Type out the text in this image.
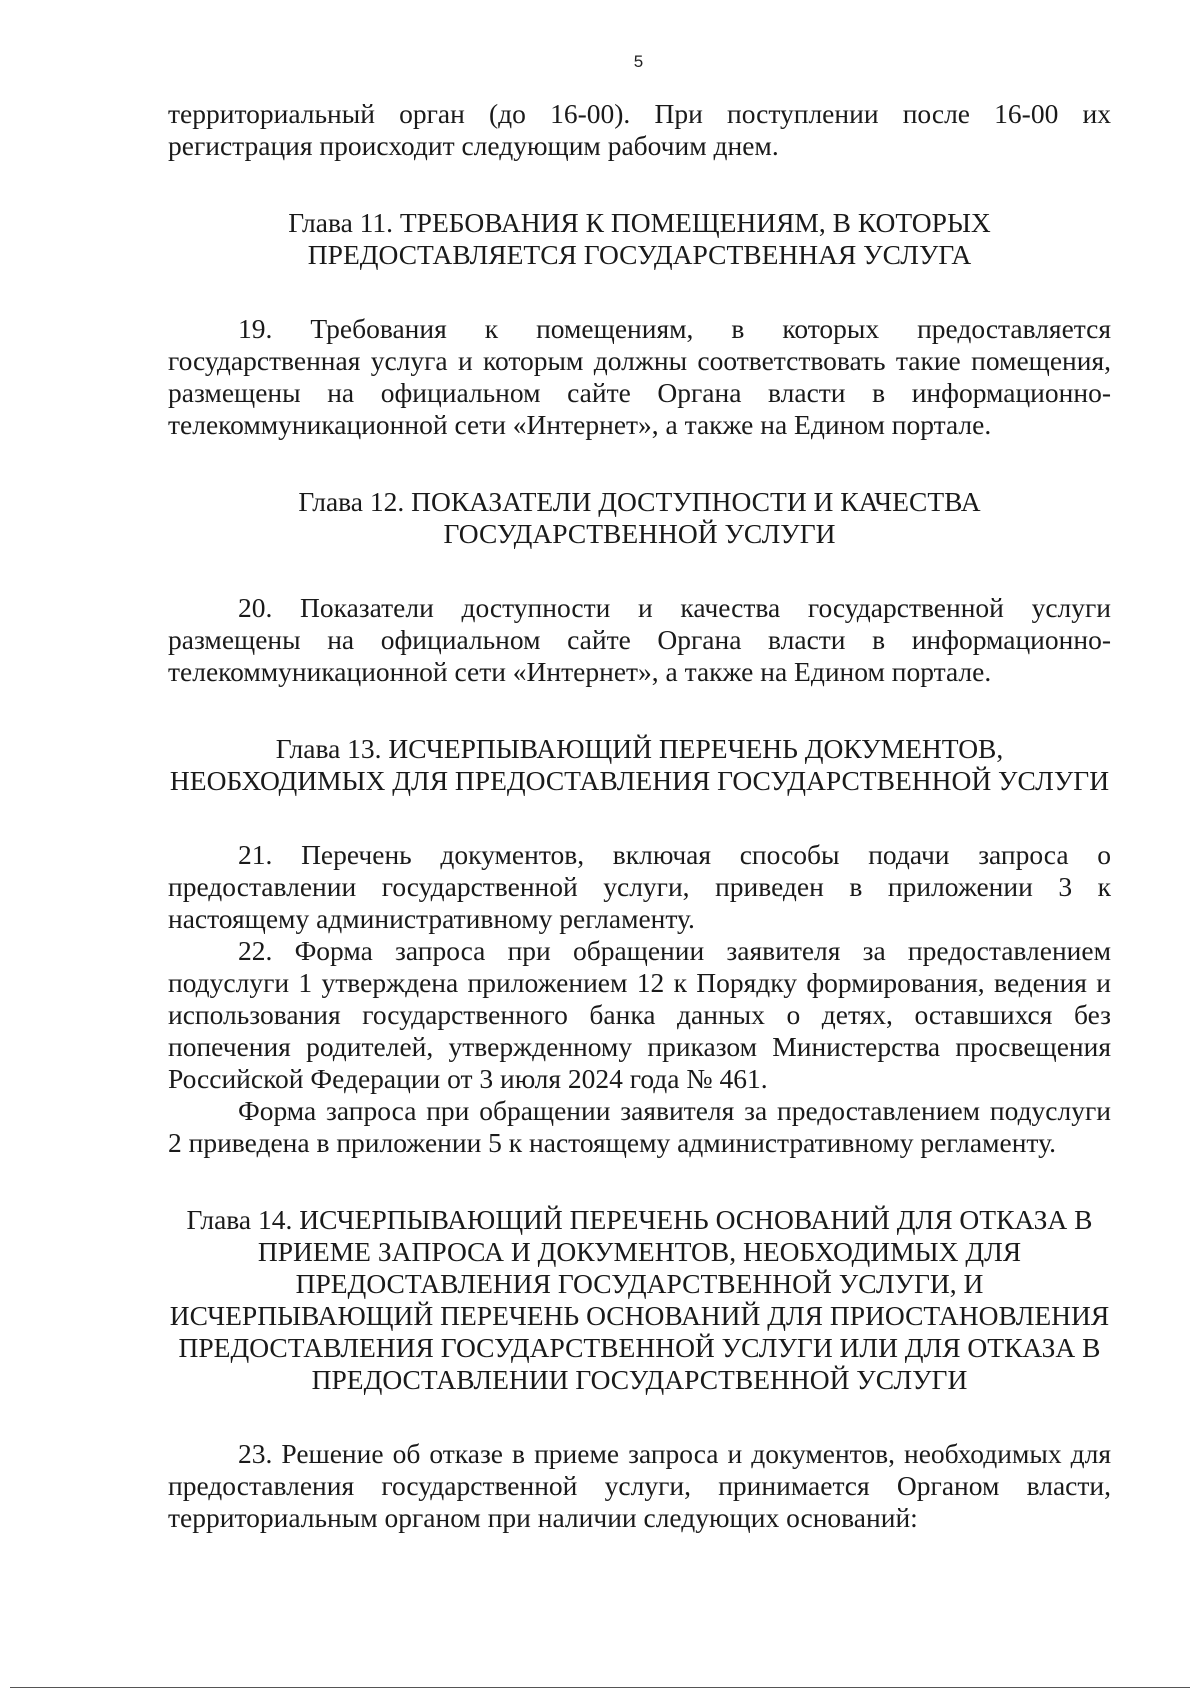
5

территориальный орган (до 16-00). При поступлении после 16-00 их регистрация происходит следующим рабочим днем.

Глава 11. ТРЕБОВАНИЯ К ПОМЕЩЕНИЯМ, В КОТОРЫХ ПРЕДОСТАВЛЯЕТСЯ ГОСУДАРСТВЕННАЯ УСЛУГА

19. Требования к помещениям, в которых предоставляется государственная услуга и которым должны соответствовать такие помещения, размещены на официальном сайте Органа власти в информационно-телекоммуникационной сети «Интернет», а также на Едином портале.

Глава 12. ПОКАЗАТЕЛИ ДОСТУПНОСТИ И КАЧЕСТВА ГОСУДАРСТВЕННОЙ УСЛУГИ

20. Показатели доступности и качества государственной услуги размещены на официальном сайте Органа власти в информационно-телекоммуникационной сети «Интернет», а также на Едином портале.

Глава 13. ИСЧЕРПЫВАЮЩИЙ ПЕРЕЧЕНЬ ДОКУМЕНТОВ, НЕОБХОДИМЫХ ДЛЯ ПРЕДОСТАВЛЕНИЯ ГОСУДАРСТВЕННОЙ УСЛУГИ

21. Перечень документов, включая способы подачи запроса о предоставлении государственной услуги, приведен в приложении 3 к настоящему административному регламенту.

22. Форма запроса при обращении заявителя за предоставлением подуслуги 1 утверждена приложением 12 к Порядку формирования, ведения и использования государственного банка данных о детях, оставшихся без попечения родителей, утвержденному приказом Министерства просвещения Российской Федерации от 3 июля 2024 года № 461.

Форма запроса при обращении заявителя за предоставлением подуслуги 2 приведена в приложении 5 к настоящему административному регламенту.

Глава 14. ИСЧЕРПЫВАЮЩИЙ ПЕРЕЧЕНЬ ОСНОВАНИЙ ДЛЯ ОТКАЗА В ПРИЕМЕ ЗАПРОСА И ДОКУМЕНТОВ, НЕОБХОДИМЫХ ДЛЯ ПРЕДОСТАВЛЕНИЯ ГОСУДАРСТВЕННОЙ УСЛУГИ, И ИСЧЕРПЫВАЮЩИЙ ПЕРЕЧЕНЬ ОСНОВАНИЙ ДЛЯ ПРИОСТАНОВЛЕНИЯ ПРЕДОСТАВЛЕНИЯ ГОСУДАРСТВЕННОЙ УСЛУГИ ИЛИ ДЛЯ ОТКАЗА В ПРЕДОСТАВЛЕНИИ ГОСУДАРСТВЕННОЙ УСЛУГИ

23. Решение об отказе в приеме запроса и документов, необходимых для предоставления государственной услуги, принимается Органом власти, территориальным органом при наличии следующих оснований:
